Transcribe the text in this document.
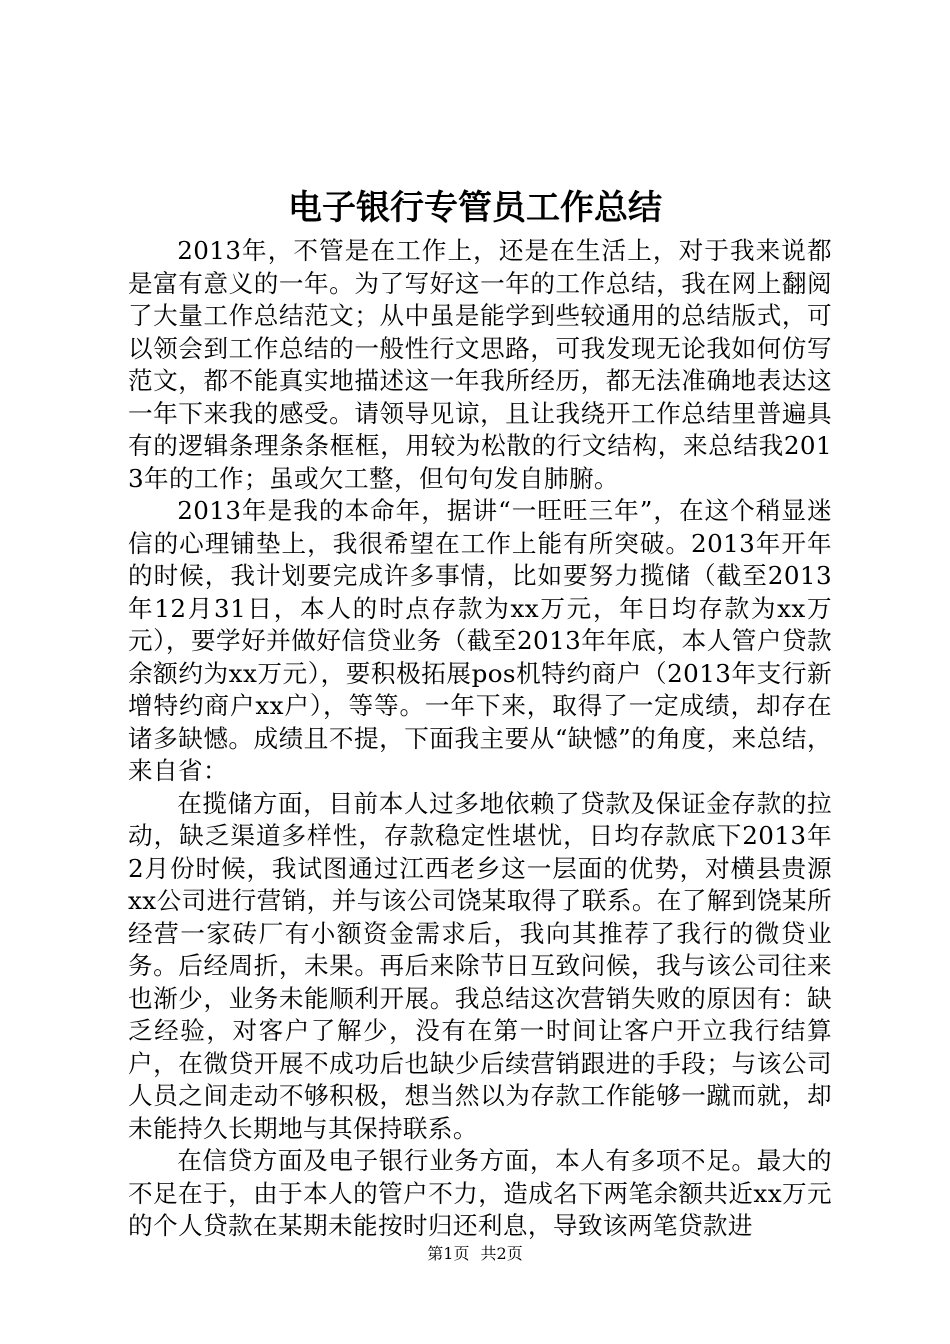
电子银行专管员工作总结

2013年，不管是在工作上，还是在生活上，对于我来说都是富有意义的一年。为了写好这一年的工作总结，我在网上翻阅了大量工作总结范文；从中虽是能学到些较通用的总结版式，可以领会到工作总结的一般性行文思路，可我发现无论我如何仿写范文，都不能真实地描述这一年我所经历，都无法准确地表达这一年下来我的感受。请领导见谅，且让我绕开工作总结里普遍具有的逻辑条理条条框框，用较为松散的行文结构，来总结我2013年的工作；虽或欠工整，但句句发自肺腑。

2013年是我的本命年，据讲“一旺旺三年”，在这个稍显迷信的心理铺垫上，我很希望在工作上能有所突破。2013年开年的时候，我计划要完成许多事情，比如要努力揽储（截至2013年12月31日，本人的时点存款为xx万元，年日均存款为xx万元），要学好并做好信贷业务（截至2013年年底，本人管户贷款余额约为xx万元），要积极拓展pos机特约商户（2013年支行新增特约商户xx户），等等。一年下来，取得了一定成绩，却存在诸多缺憾。成绩且不提，下面我主要从“缺憾”的角度，来总结，来自省：

在揽储方面，目前本人过多地依赖了贷款及保证金存款的拉动，缺乏渠道多样性，存款稳定性堪忧，日均存款底下2013年2月份时候，我试图通过江西老乡这一层面的优势，对横县贵源xx公司进行营销，并与该公司饶某取得了联系。在了解到饶某所经营一家砖厂有小额资金需求后，我向其推荐了我行的微贷业务。后经周折，未果。再后来除节日互致问候，我与该公司往来也渐少，业务未能顺利开展。我总结这次营销失败的原因有：缺乏经验，对客户了解少，没有在第一时间让客户开立我行结算户，在微贷开展不成功后也缺少后续营销跟进的手段；与该公司人员之间走动不够积极，想当然以为存款工作能够一蹴而就，却未能持久长期地与其保持联系。

在信贷方面及电子银行业务方面，本人有多项不足。最大的不足在于，由于本人的管户不力，造成名下两笔余额共近xx万元的个人贷款在某期未能按时归还利息，导致该两笔贷款进

第1页 共2页
